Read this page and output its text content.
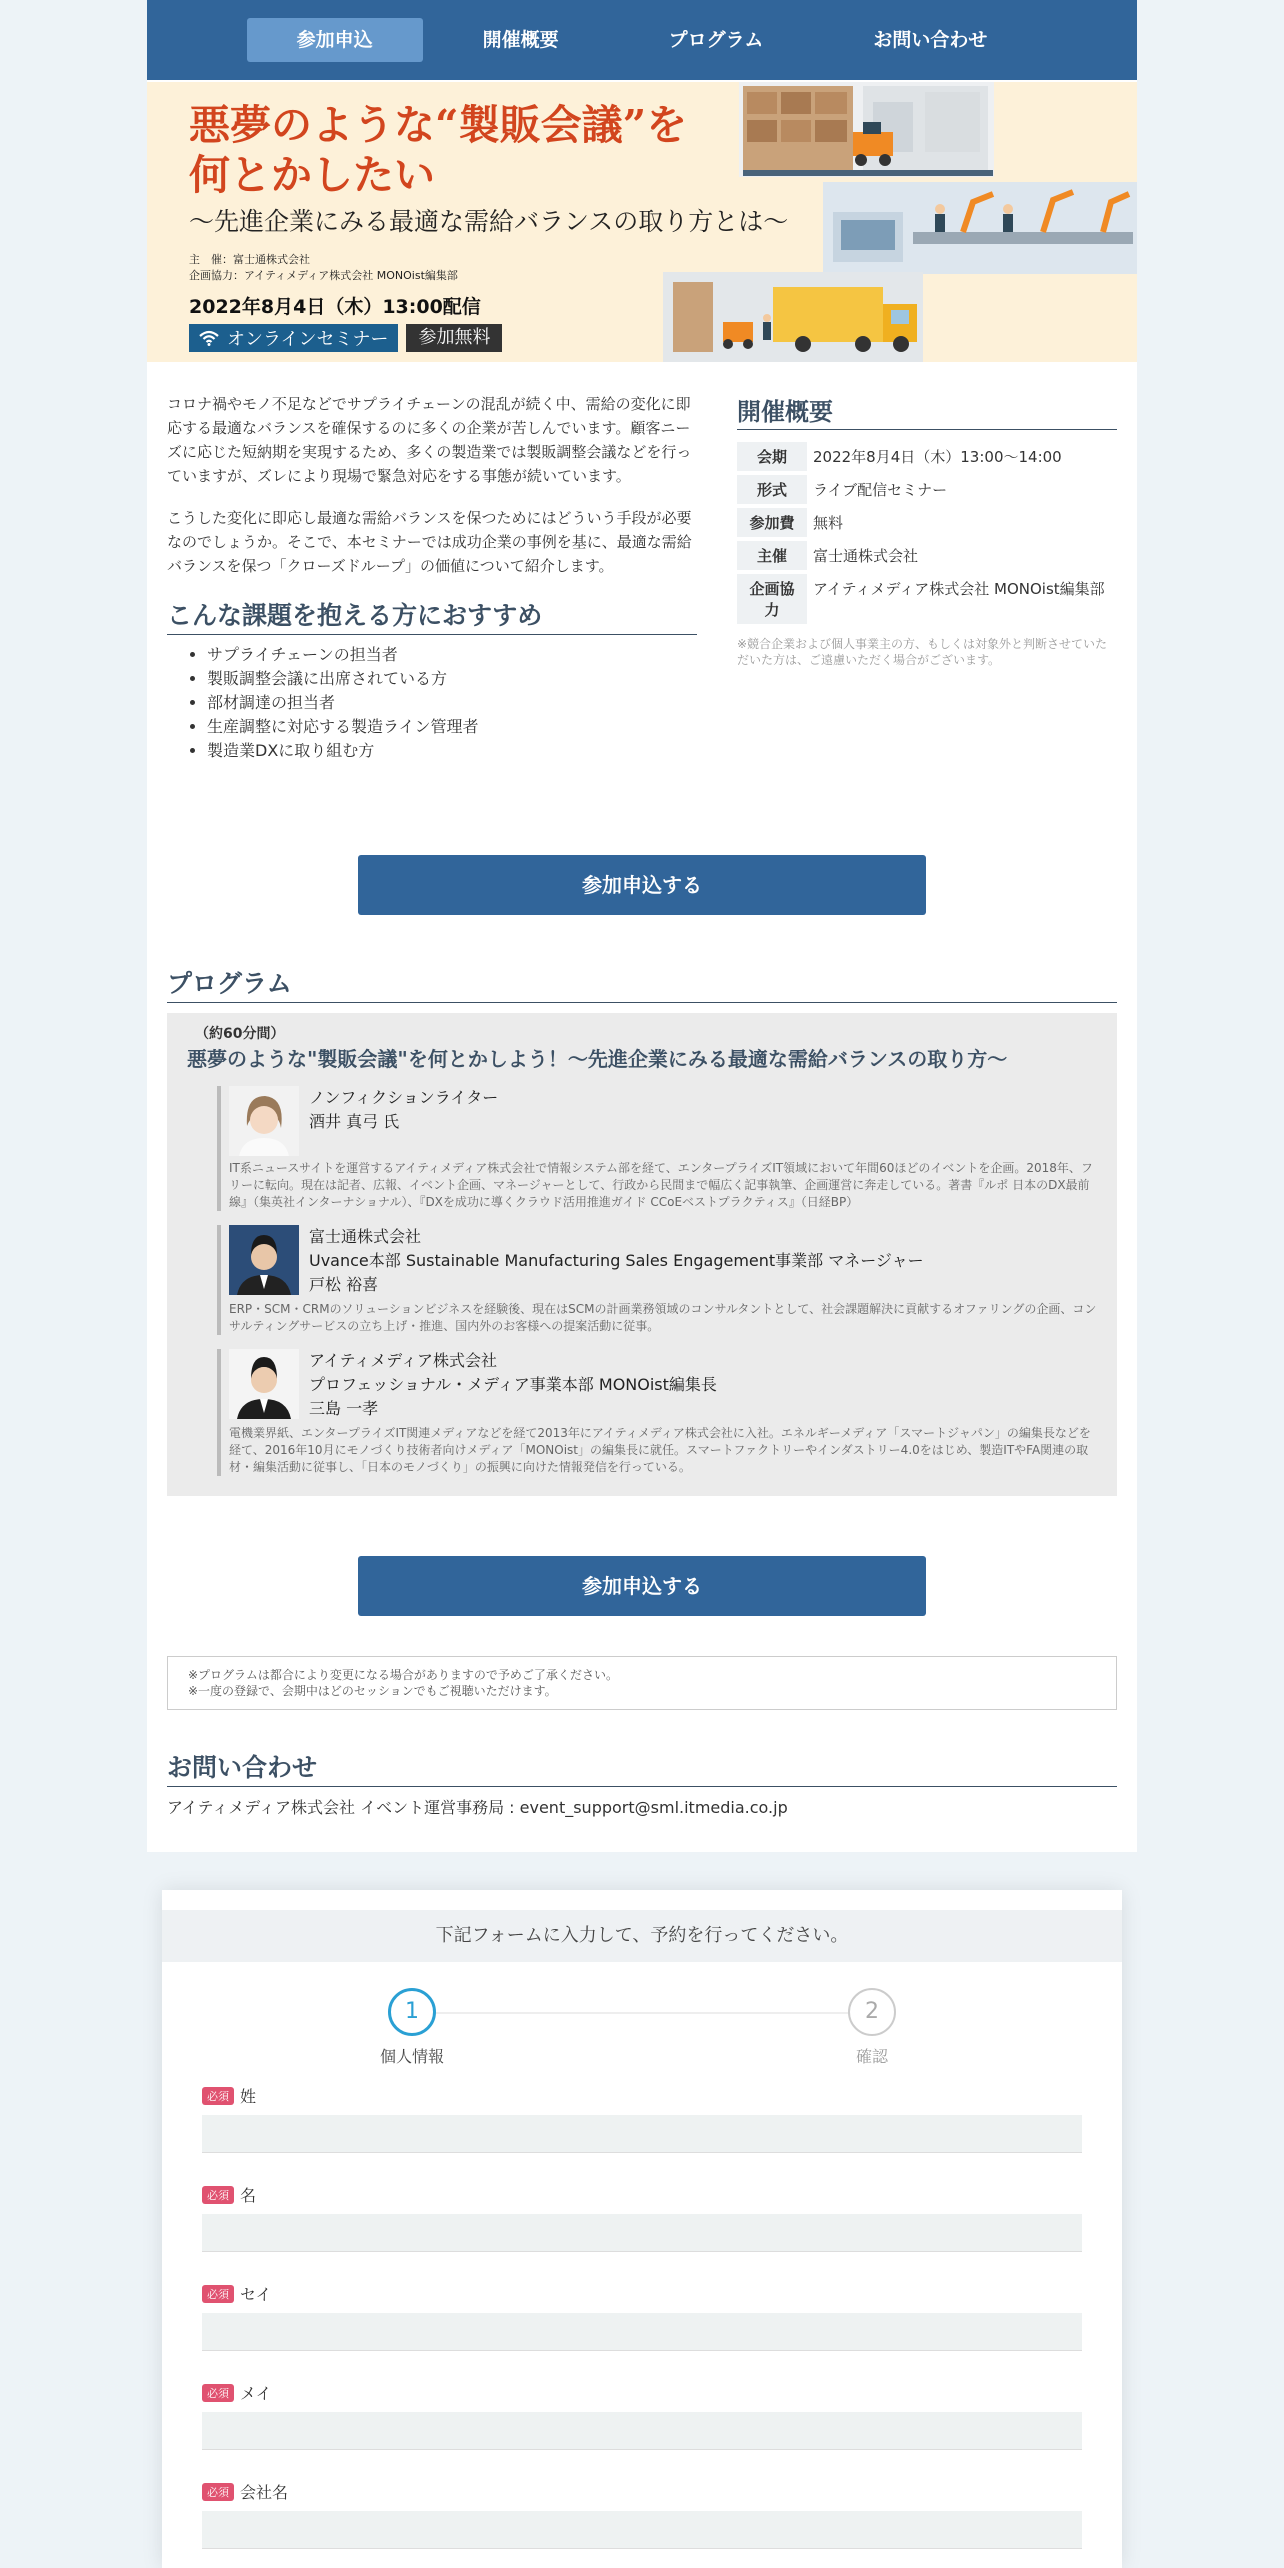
参加申込	開催概要	プログラム	お問い合わせ
悪夢のような“製販会議”を
何とかしたい
〜先進企業にみる最適な需給バランスの取り方とは〜
主　催：富士通株式会社
企画協力：アイティメディア株式会社 MONOist編集部
2022年8月4日（木）13:00配信
オンラインセミナー	参加無料

コロナ禍やモノ不足などでサプライチェーンの混乱が続く中、需給の変化に即応する最適なバランスを確保するのに多くの企業が苦しんでいます。顧客ニーズに応じた短納期を実現するため、多くの製造業では製販調整会議などを行っていますが、ズレにより現場で緊急対応をする事態が続いています。

こうした変化に即応し最適な需給バランスを保つためにはどういう手段が必要なのでしょうか。そこで、本セミナーでは成功企業の事例を基に、最適な需給バランスを保つ「クローズドループ」の価値について紹介します。

こんな課題を抱える方におすすめ
• サプライチェーンの担当者
• 製販調整会議に出席されている方
• 部材調達の担当者
• 生産調整に対応する製造ライン管理者
• 製造業DXに取り組む方
開催概要
会期	2022年8月4日（木）13:00～14:00
形式	ライブ配信セミナー
参加費	無料
主催	富士通株式会社
企画協力	アイティメディア株式会社 MONOist編集部
※競合企業および個人事業主の方、もしくは対象外と判断させていただいた方は、ご遠慮いただく場合がございます。
参加申込する
プログラム
（約60分間）
悪夢のような"製販会議"を何とかしよう！～先進企業にみる最適な需給バランスの取り方～
ノンフィクションライター
酒井 真弓 氏
IT系ニュースサイトを運営するアイティメディア株式会社で情報システム部を経て、エンタープライズIT領域において年間60ほどのイベントを企画。2018年、フリーに転向。現在は記者、広報、イベント企画、マネージャーとして、行政から民間まで幅広く記事執筆、企画運営に奔走している。著書『ルポ 日本のDX最前線』（集英社インターナショナル）、『DXを成功に導くクラウド活用推進ガイド CCoEベストプラクティス』（日経BP）
富士通株式会社
Uvance本部 Sustainable Manufacturing Sales Engagement事業部 マネージャー
戸松 裕喜
ERP・SCM・CRMのソリューションビジネスを経験後、現在はSCMの計画業務領域のコンサルタントとして、社会課題解決に貢献するオファリングの企画、コンサルティングサービスの立ち上げ・推進、国内外のお客様への提案活動に従事。
アイティメディア株式会社
プロフェッショナル・メディア事業本部 MONOist編集長
三島 一孝
電機業界紙、エンタープライズIT関連メディアなどを経て2013年にアイティメディア株式会社に入社。エネルギーメディア「スマートジャパン」の編集長などを経て、2016年10月にモノづくり技術者向けメディア「MONOist」の編集長に就任。スマートファクトリーやインダストリー4.0をはじめ、製造ITやFA関連の取材・編集活動に従事し、「日本のモノづくり」の振興に向けた情報発信を行っている。
参加申込する
※プログラムは都合により変更になる場合がありますので予めご了承ください。
※一度の登録で、会期中はどのセッションでもご視聴いただけます。
お問い合わせ

アイティメディア株式会社 イベント運営事務局 : event_support@sml.itmedia.co.jp

下記フォームに入力して、予約を行ってください。
1
個人情報
2
確認
必須 姓
必須 名
必須 セイ
必須 メイ
必須 会社名
